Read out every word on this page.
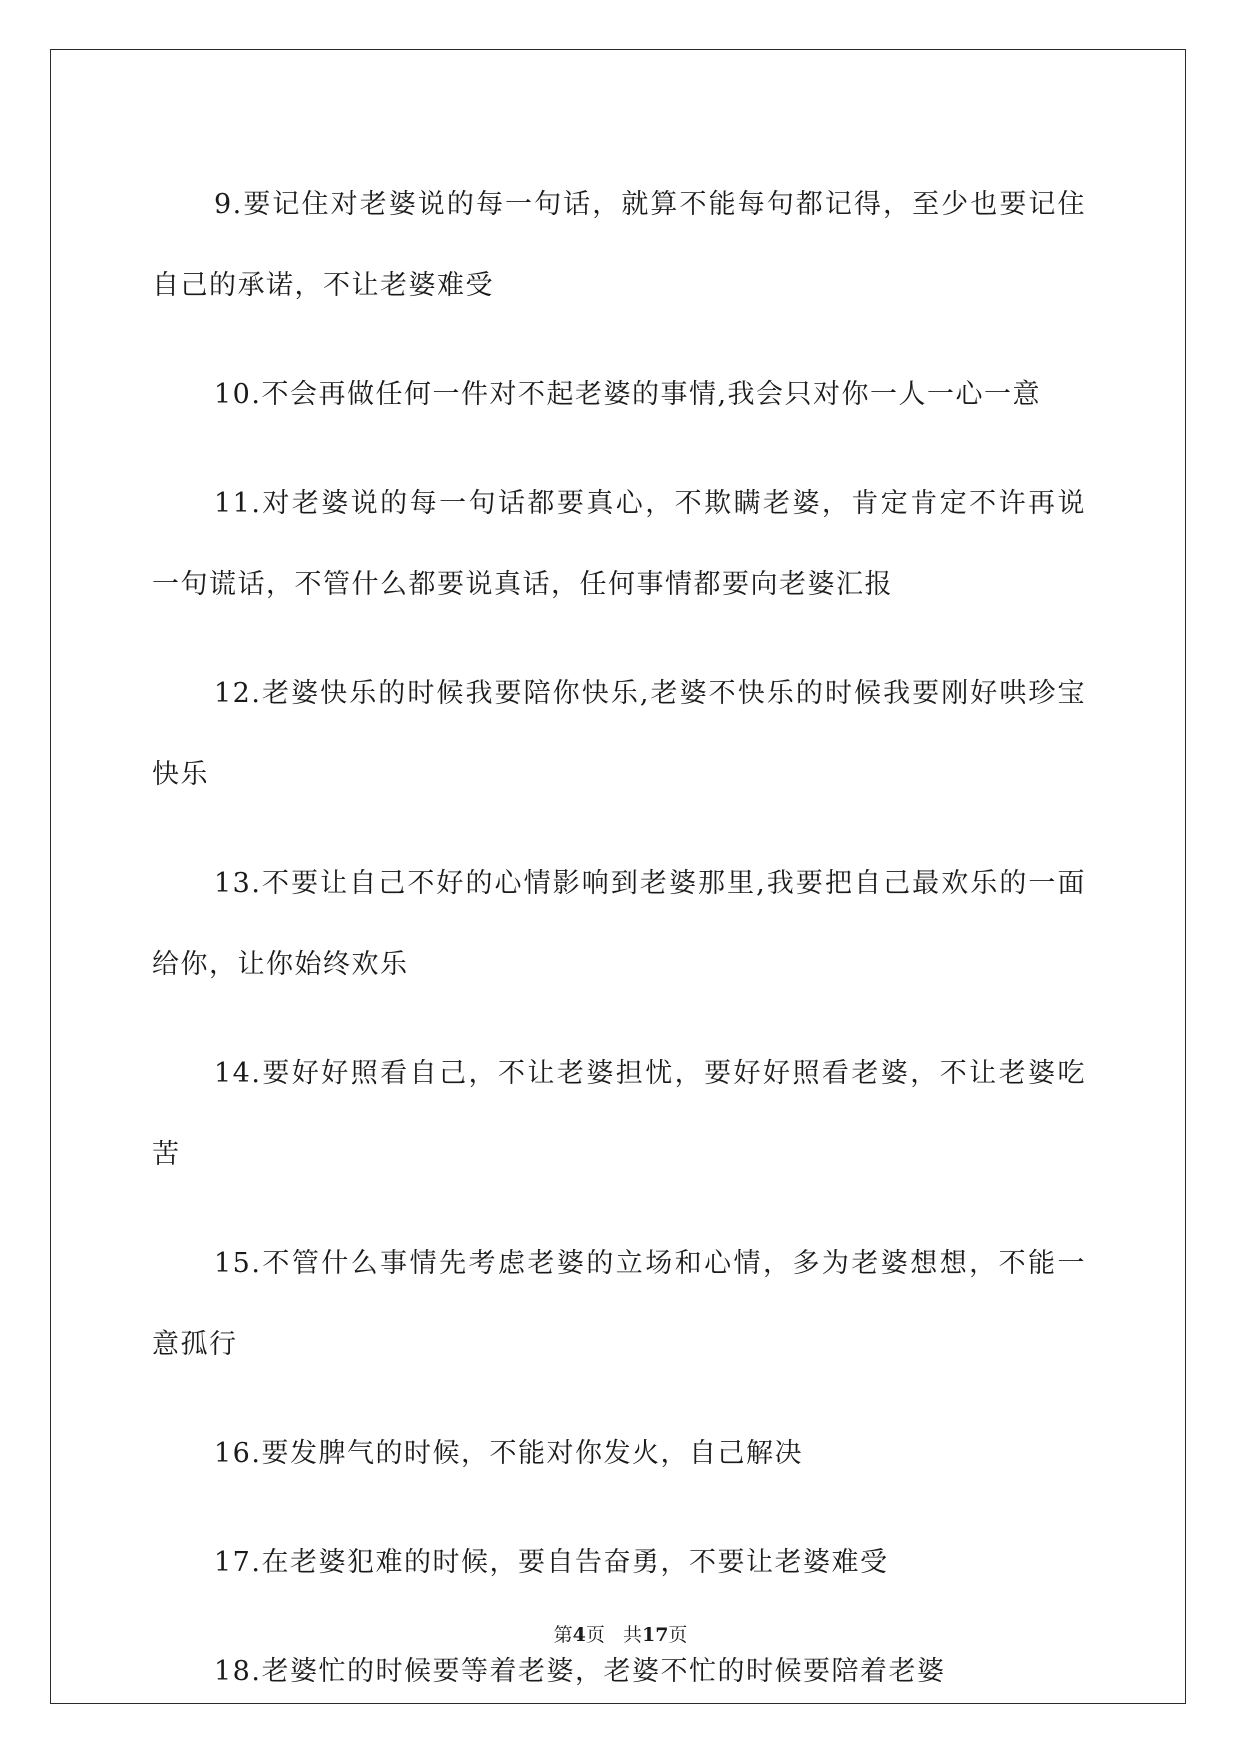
9.要记住对老婆说的每一句话，就算不能每句都记得，至少也要记住自己的承诺，不让老婆难受

10.不会再做任何一件对不起老婆的事情,我会只对你一人一心一意

11.对老婆说的每一句话都要真心，不欺瞒老婆，肯定肯定不许再说一句谎话，不管什么都要说真话，任何事情都要向老婆汇报

12.老婆快乐的时候我要陪你快乐,老婆不快乐的时候我要刚好哄珍宝快乐

13.不要让自己不好的心情影响到老婆那里,我要把自己最欢乐的一面给你，让你始终欢乐

14.要好好照看自己，不让老婆担忧，要好好照看老婆，不让老婆吃苦

15.不管什么事情先考虑老婆的立场和心情，多为老婆想想，不能一意孤行

16.要发脾气的时候，不能对你发火，自己解决

17.在老婆犯难的时候，要自告奋勇，不要让老婆难受

18.老婆忙的时候要等着老婆，老婆不忙的时候要陪着老婆

第4页 共17页
